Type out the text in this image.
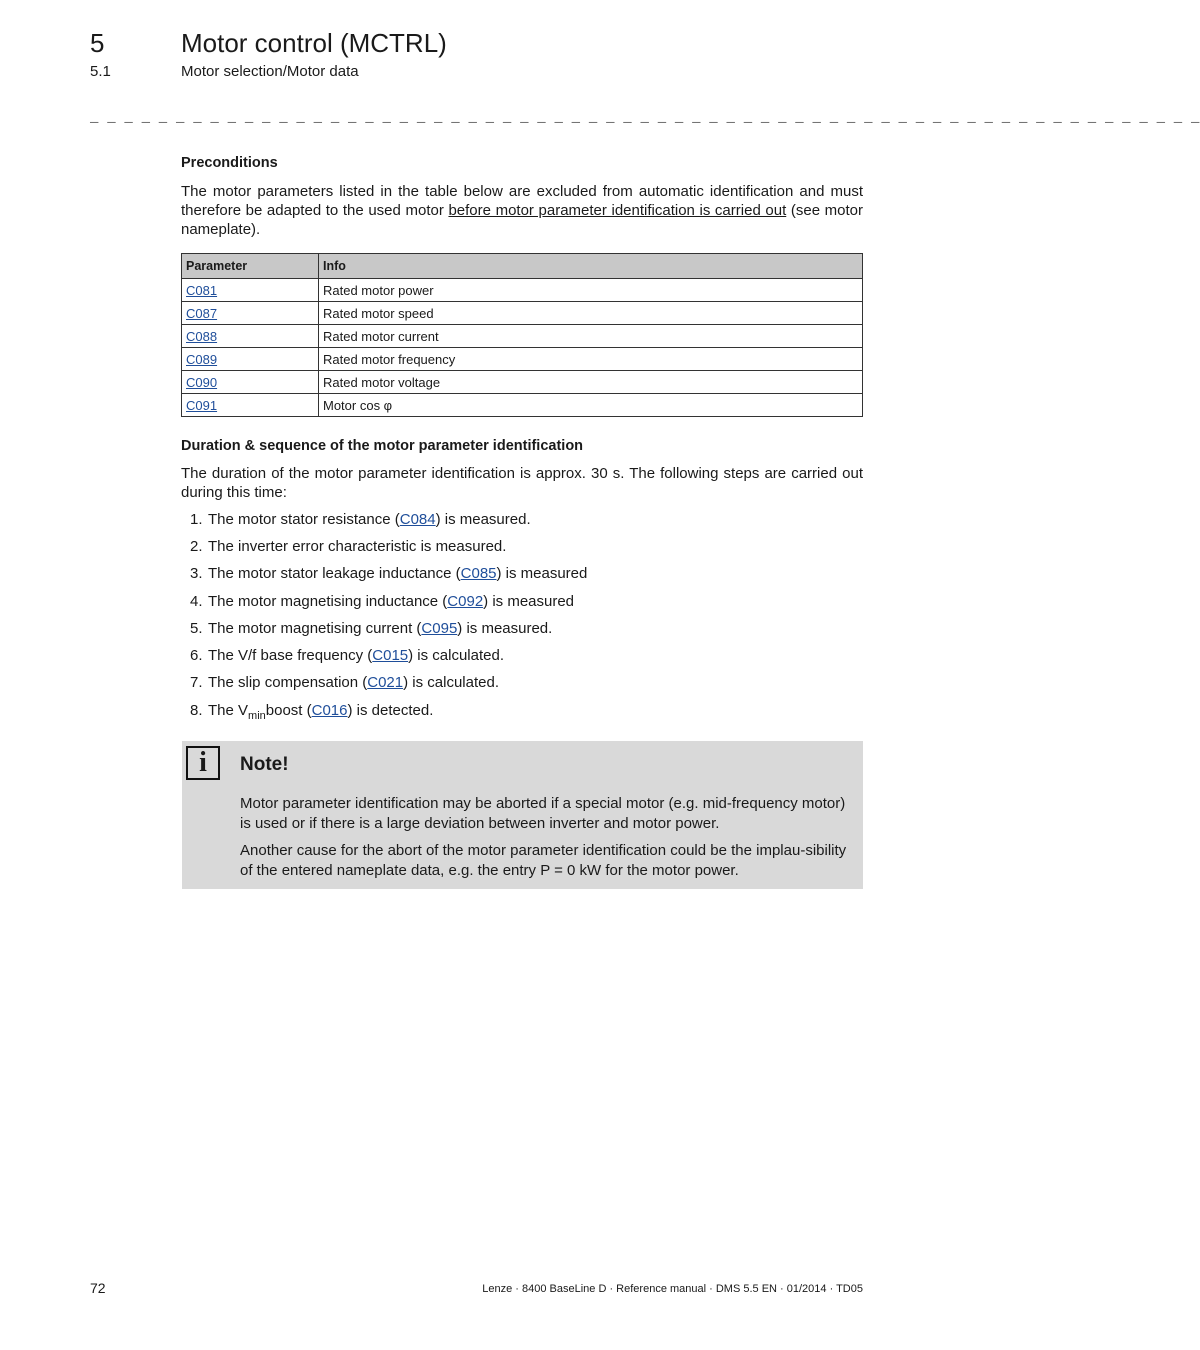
5	Motor control (MCTRL)
5.1	Motor selection/Motor data
_ _ _ _ _ _ _ _ _ _ _ _ _ _ _ _ _ _ _ _ _ _ _ _ _ _ _ _ _ _ _ _ _ _ _ _ _ _ _ _ _ _ _ _ _ _ _ _ _ _ _ _ _ _ _ _ _ _ _ _ _ _ _ _ _
Preconditions

The motor parameters listed in the table below are excluded from automatic identification and must therefore be adapted to the used motor before motor parameter identification is carried out (see motor nameplate).

Parameter	Info
C081	Rated motor power
C087	Rated motor speed
C088	Rated motor current
C089	Rated motor frequency
C090	Rated motor voltage
C091	Motor cos φ
Duration & sequence of the motor parameter identification

The duration of the motor parameter identification is approx. 30 s. The following steps are carried out during this time:

1. The motor stator resistance (C084) is measured.
2. The inverter error characteristic is measured.
3. The motor stator leakage inductance (C085) is measured
4. The motor magnetising inductance (C092) is measured
5. The motor magnetising current (C095) is measured.
6. The V/f base frequency (C015) is calculated.
7. The slip compensation (C021) is calculated.
8. The $V_{min}boost$ (C016) is detected.
i	Note!
Motor parameter identification may be aborted if a special motor (e.g. mid-frequency motor) is used or if there is a large deviation between inverter and motor power.
Another cause for the abort of the motor parameter identification could be the implau-sibility of the entered nameplate data, e.g. the entry P = 0 kW for the motor power.
72	Lenze · 8400 BaseLine D · Reference manual · DMS 5.5 EN · 01/2014 · TD05
